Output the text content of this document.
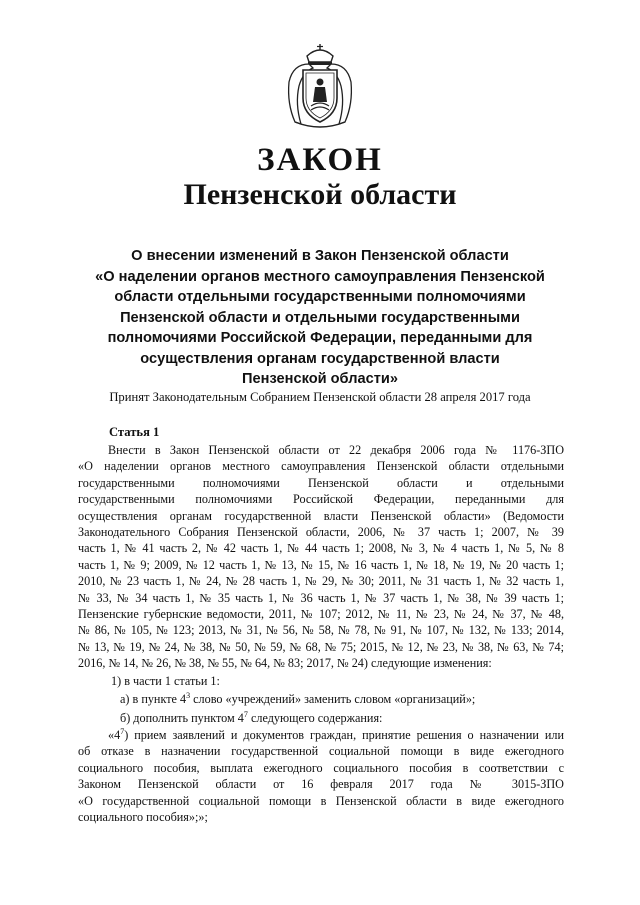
ЗАКОН
Пензенской области
О внесении изменений в Закон Пензенской области
«О наделении органов местного самоуправления Пензенской
области отдельными государственными полномочиями
Пензенской области и отдельными государственными
полномочиями Российской Федерации, переданными для
осуществления органам государственной власти
Пензенской области»
Принят Законодательным Собранием Пензенской области 28 апреля 2017 года
Статья 1
Внести в Закон Пензенской области от 22 декабря 2006 года № 1176-ЗПО
«О наделении органов местного самоуправления Пензенской области отдельными
государственными полномочиями Пензенской области и отдельными
государственными полномочиями Российской Федерации, переданными для
осуществления органам государственной власти Пензенской области» (Ведомости
Законодательного Собрания Пензенской области, 2006, № 37 часть 1; 2007, № 39
часть 1, № 41 часть 2, № 42 часть 1, № 44 часть 1; 2008, № 3, № 4 часть 1, № 5, № 8
часть 1, № 9; 2009, № 12 часть 1, № 13, № 15, № 16 часть 1, № 18, № 19, № 20 часть 1;
2010, № 23 часть 1, № 24, № 28 часть 1, № 29, № 30; 2011, № 31 часть 1, № 32 часть 1,
№ 33, № 34 часть 1, № 35 часть 1, № 36 часть 1, № 37 часть 1, № 38, № 39 часть 1;
Пензенские губернские ведомости, 2011, № 107; 2012, № 11, № 23, № 24, № 37, № 48,
№ 86, № 105, № 123; 2013, № 31, № 56, № 58, № 78, № 91, № 107, № 132, № 133; 2014,
№ 13, № 19, № 24, № 38, № 50, № 59, № 68, № 75; 2015, № 12, № 23, № 38, № 63, № 74;
2016, № 14, № 26, № 38, № 55, № 64, № 83; 2017, № 24) следующие изменения:
1) в части 1 статьи 1:
а) в пункте $4^3$ слово «учреждений» заменить словом «организаций»;
б) дополнить пунктом $4^7$ следующего содержания:
«$4^7$) прием заявлений и документов граждан, принятие решения о назначении или
об отказе в назначении государственной социальной помощи в виде ежегодного
социального пособия, выплата ежегодного социального пособия в соответствии с
Законом Пензенской области от 16 февраля 2017 года № 3015-ЗПО
«О государственной социальной помощи в Пензенской области в виде ежегодного
социального пособия»;»;
